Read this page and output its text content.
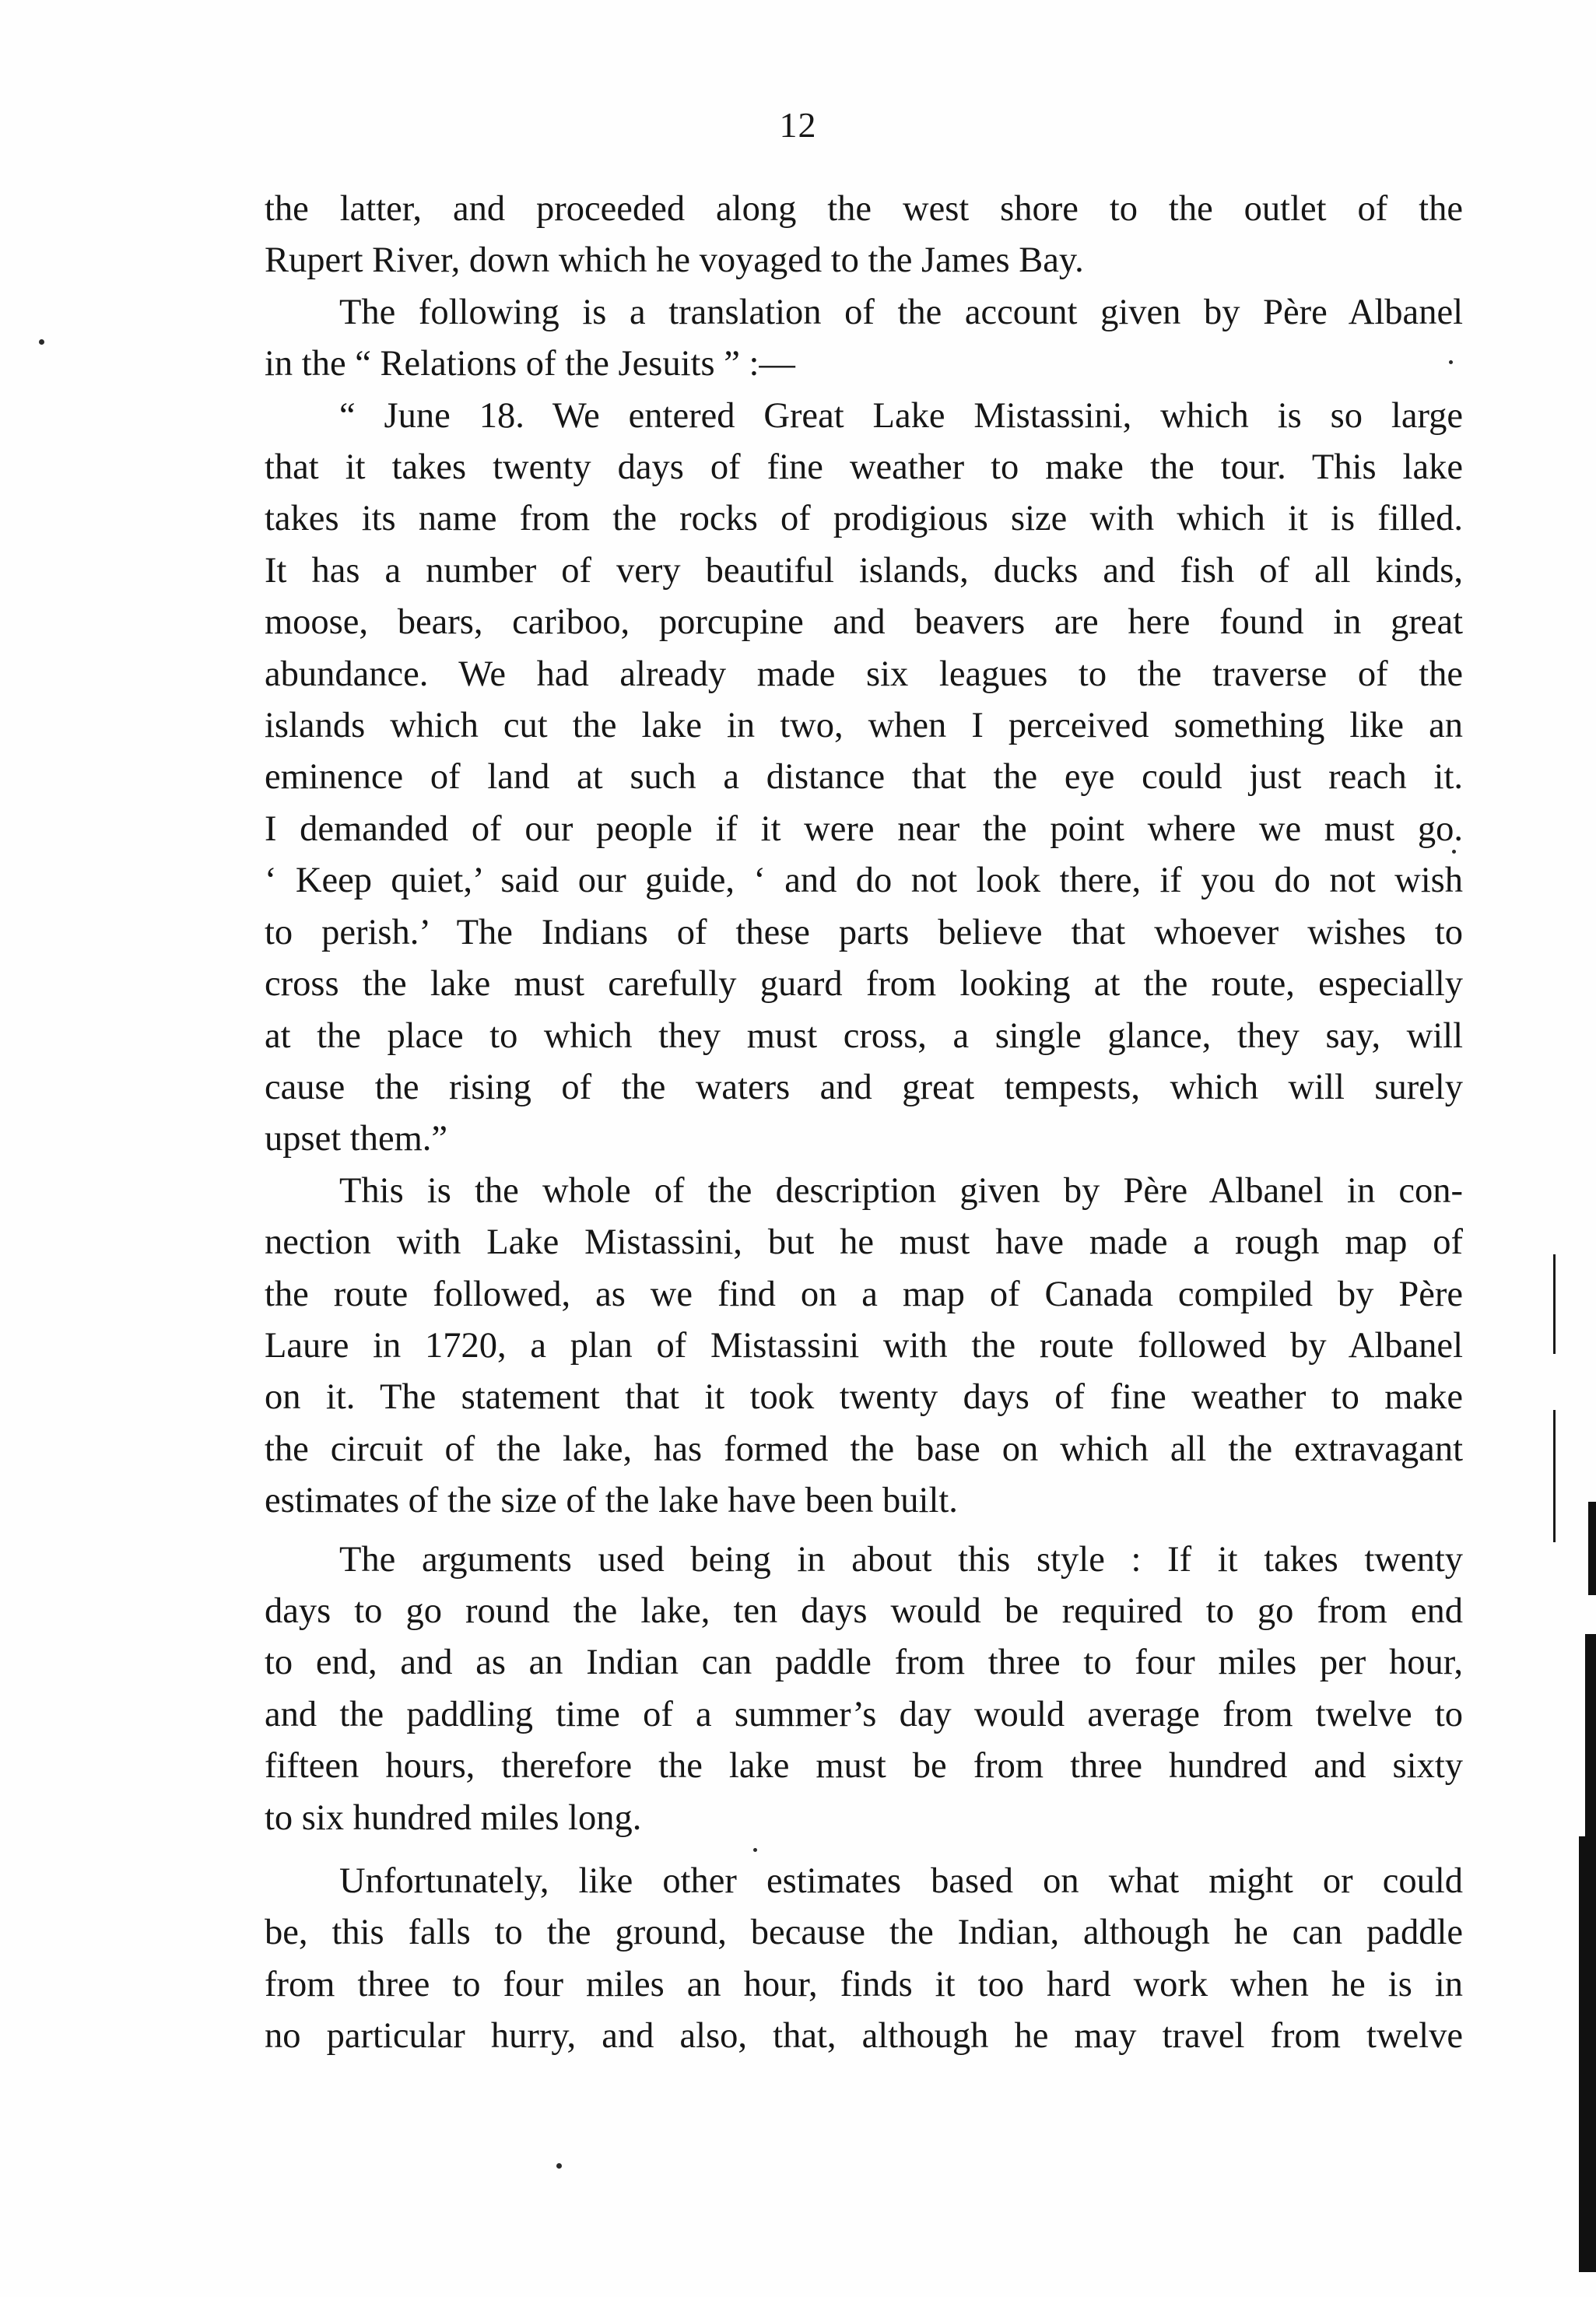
12

the latter, and proceeded along the west shore to the outlet of the
Rupert River, down which he voyaged to the James Bay.

The following is a translation of the account given by Père Albanel
in the “ Relations of the Jesuits ” :—

“ June 18. We entered Great Lake Mistassini, which is so large
that it takes twenty days of fine weather to make the tour. This lake
takes its name from the rocks of prodigious size with which it is filled.
It has a number of very beautiful islands, ducks and fish of all kinds,
moose, bears, cariboo, porcupine and beavers are here found in great
abundance. We had already made six leagues to the traverse of the
islands which cut the lake in two, when I perceived something like an
eminence of land at such a distance that the eye could just reach it.
I demanded of our people if it were near the point where we must go.
‘ Keep quiet,’ said our guide, ‘ and do not look there, if you do not wish
to perish.’ The Indians of these parts believe that whoever wishes to
cross the lake must carefully guard from looking at the route, especially
at the place to which they must cross, a single glance, they say, will
cause the rising of the waters and great tempests, which will surely
upset them.”

This is the whole of the description given by Père Albanel in con-
nection with Lake Mistassini, but he must have made a rough map of
the route followed, as we find on a map of Canada compiled by Père
Laure in 1720, a plan of Mistassini with the route followed by Albanel
on it. The statement that it took twenty days of fine weather to make
the circuit of the lake, has formed the base on which all the extravagant
estimates of the size of the lake have been built.

The arguments used being in about this style : If it takes twenty
days to go round the lake, ten days would be required to go from end
to end, and as an Indian can paddle from three to four miles per hour,
and the paddling time of a summer’s day would average from twelve to
fifteen hours, therefore the lake must be from three hundred and sixty
to six hundred miles long.

Unfortunately, like other estimates based on what might or could
be, this falls to the ground, because the Indian, although he can paddle
from three to four miles an hour, finds it too hard work when he is in
no particular hurry, and also, that, although he may travel from twelve
